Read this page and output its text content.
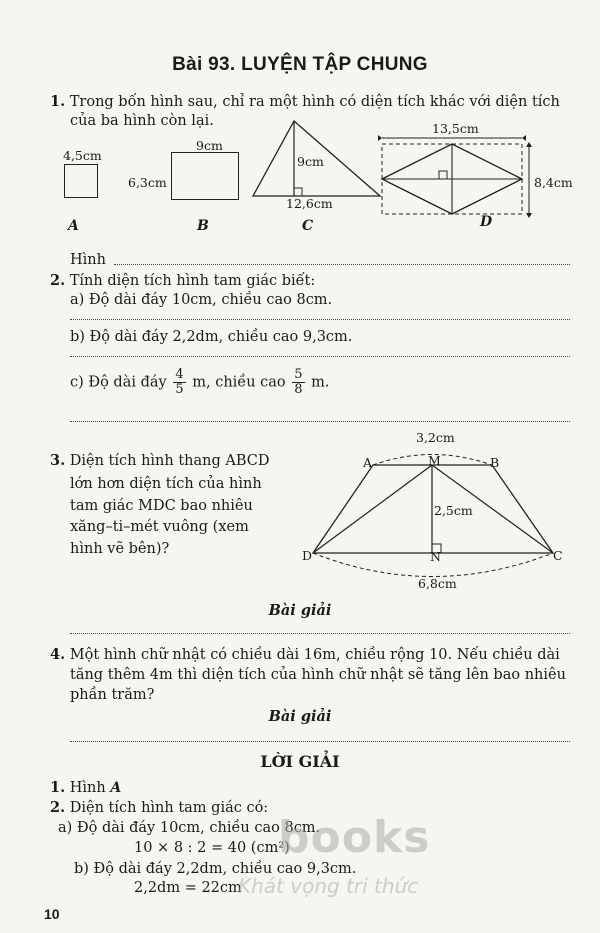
Bài 93. LUYỆN TẬP CHUNG
1. Trong bốn hình sau, chỉ ra một hình có diện tích khác với diện tích
của ba hình còn lại.
4,5cm
A
9cm
6,3cm
B
9cm
12,6cm
C
13,5cm
8,4cm
D
Hình
2. Tính diện tích hình tam giác biết:
a) Độ dài đáy 10cm, chiều cao 8cm.
b) Độ dài đáy 2,2dm, chiều cao 9,3cm.
c) Độ dài đáy $\frac{4}{5} m$, chiều cao $\frac{5}{8} m$.
3. Diện tích hình thang ABCD
lớn hơn diện tích của hình
tam giác MDC bao nhiêu
xăng–ti–mét vuông (xem
hình vẽ bên)?
3,2cm
A	M	B
2,5cm
D	N	C
6,8cm
Bài giải
4. Một hình chữ nhật có chiều dài 16m, chiều rộng 10. Nếu chiều dài
tăng thêm 4m thì diện tích của hình chữ nhật sẽ tăng lên bao nhiêu
phần trăm?
Bài giải
LỜI GIẢI
1. Hình A
2. Diện tích hình tam giác có:
a) Độ dài đáy 10cm, chiều cao 8cm.
10 × 8 : 2 = 40 (cm²)
b) Độ dài đáy 2,2dm, chiều cao 9,3cm.
2,2dm = 22cm
books
Khát vọng tri thức
10
